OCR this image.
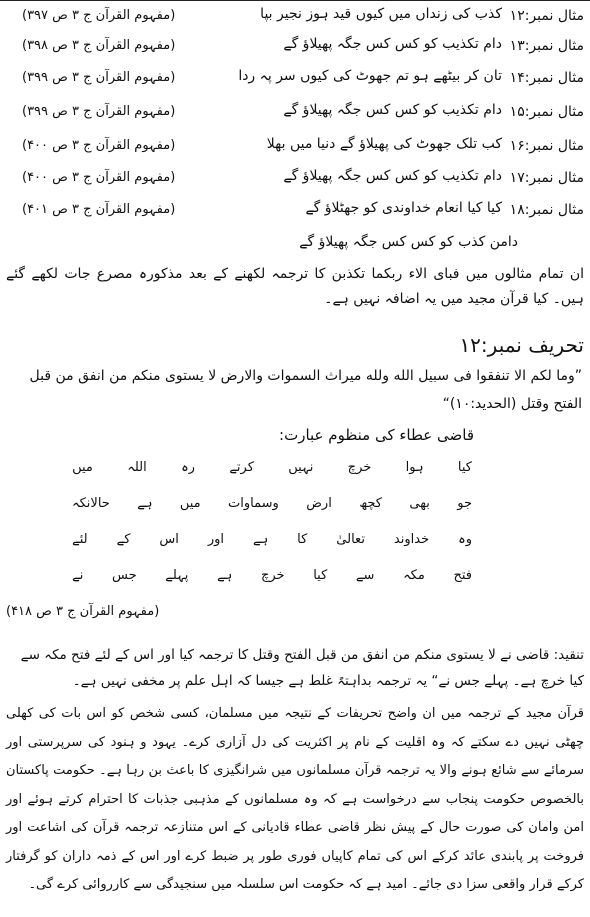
مثال نمبر:۱۲
کذب کی زنداں میں کیوں قید ہوز نجیر بپا
(مفہوم القرآن ج ۳ ص ۳۹۷)
مثال نمبر:۱۳
دام تکذیب کو کس کس جگہ پھیلاؤ گے
(مفہوم القرآن ج ۳ ص ۳۹۸)
مثال نمبر:۱۴
تان کر بیٹھے ہو تم جھوٹ کی کیوں سر پہ ردا
(مفہوم القرآن ج ۳ ص ۳۹۹)
مثال نمبر:۱۵
دام تکذیب کو کس کس جگہ پھیلاؤ گے
(مفہوم القرآن ج ۳ ص ۳۹۹)
مثال نمبر:۱۶
کب تلک جھوٹ کی پھیلاؤ گے دنیا میں بھلا
(مفہوم القرآن ج ۳ ص ۴۰۰)
مثال نمبر:۱۷
دام تکذیب کو کس کس جگہ پھیلاؤ گے
(مفہوم القرآن ج ۳ ص ۴۰۰)
مثال نمبر:۱۸
کیا کیا انعام خداوندی کو جھٹلاؤ گے
(مفہوم القرآن ج ۳ ص ۴۰۱)
دامن کذب کو کس کس جگہ پھیلاؤ گے
ان تمام مثالوں میں فبای الاء ربکما تکذبن کا ترجمہ لکھنے کے بعد مذکورہ مصرع جات لکھے گئے ہیں۔ کیا قرآن مجید میں یہ اضافہ نہیں ہے۔
تحریف نمبر:۱۲
”وما لكم الا تنفقوا فى سبيل الله ولله ميراث السموات والارض لا يستوى منكم من انفق من قبل الفتح وقتل (الحديد:١٠)“
قاضی عطاء کی منظوم عبارت:
کیا
ہوا
خرچ
نہیں
کرتے
رہ
اللہ
میں
جو
بھی
کچھ
ارض
وسماوات
میں
ہے
حالانکہ
وہ
خداوند
تعالیٰ
کا
ہے
اور
اس
کے
لئے
فتح
مکہ
سے
کیا
خرچ
ہے
پہلے
جس
نے
(مفہوم القرآن ج ۳ ص ۴۱۸)
تنقید: قاضی نے لا يستوى منكم من انفق من قبل الفتح وقتل کا ترجمہ کیا اور اس کے لئے فتح مکہ سے کیا خرچ ہے۔ پہلے جس نے“ یہ ترجمہ بداہتہً غلط ہے جیسا کہ اہل علم پر مخفی نہیں ہے۔
قرآن مجید کے ترجمہ میں ان واضح تحریفات کے نتیجہ میں مسلمان، کسی شخص کو اس بات کی کھلی چھٹی نہیں دے سکتے کہ وہ اقلیت کے نام پر اکثریت کی دل آزاری کرے۔ یہود و ہنود کی سرپرستی اور سرمائے سے شائع ہونے والا یہ ترجمہ قرآن مسلمانوں میں شرانگیزی کا باعث بن رہا ہے۔ حکومت پاکستان بالخصوص حکومت پنجاب سے درخواست ہے کہ وہ مسلمانوں کے مذہبی جذبات کا احترام کرتے ہوئے اور امن وامان کی صورت حال کے پیش نظر قاضی عطاء قادیانی کے اس متنازعہ ترجمہ قرآن کی اشاعت اور فروخت پر پابندی عائد کرکے اس کی تمام کاپیاں فوری طور پر ضبط کرے اور اس کے ذمہ داران کو گرفتار کرکے قرار واقعی سزا دی جائے۔ امید ہے کہ حکومت اس سلسلہ میں سنجیدگی سے کارروائی کرے گی۔
